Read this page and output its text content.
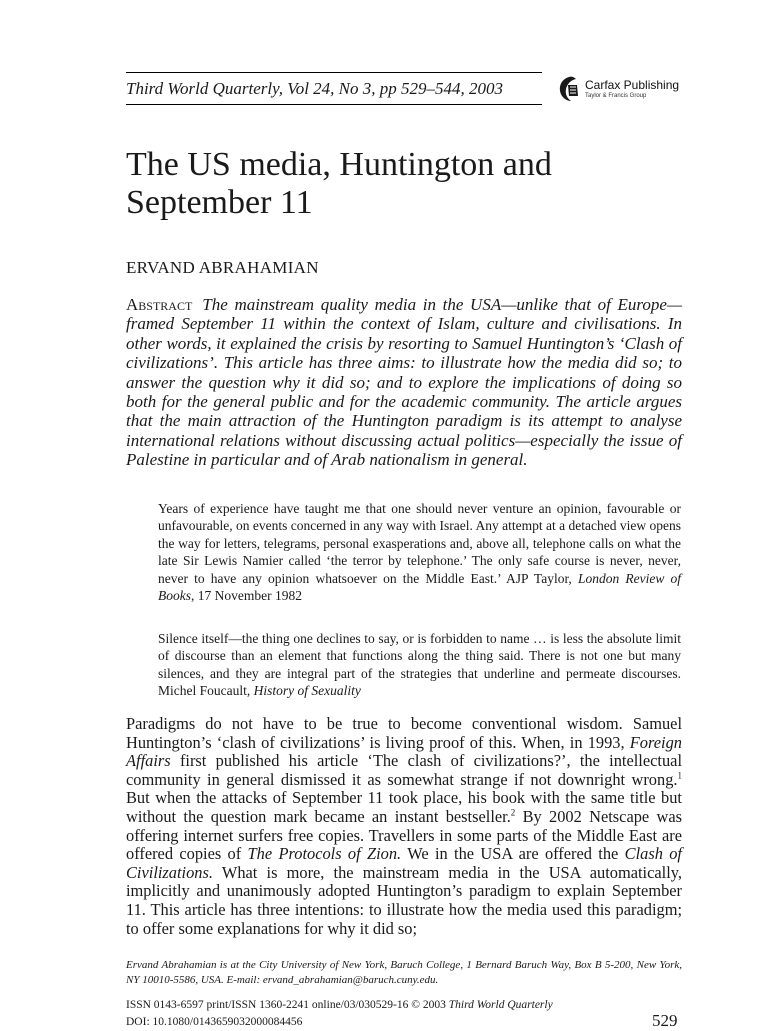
Third World Quarterly, Vol 24, No 3, pp 529–544, 2003	Carfax Publishing
Taylor & Francis Group
The US media, Huntington and September 11
ERVAND ABRAHAMIAN

Abstract The mainstream quality media in the USA—unlike that of Europe—framed September 11 within the context of Islam, culture and civilisations. In other words, it explained the crisis by resorting to Samuel Huntington’s ‘Clash of civilizations’. This article has three aims: to illustrate how the media did so; to answer the question why it did so; and to explore the implications of doing so both for the general public and for the academic community. The article argues that the main attraction of the Huntington paradigm is its attempt to analyse international relations without discussing actual politics—especially the issue of Palestine in particular and of Arab nationalism in general.

Years of experience have taught me that one should never venture an opinion, favourable or unfavourable, on events concerned in any way with Israel. Any attempt at a detached view opens the way for letters, telegrams, personal exasperations and, above all, telephone calls on what the late Sir Lewis Namier called ‘the terror by telephone.’ The only safe course is never, never, never to have any opinion whatsoever on the Middle East.’ AJP Taylor, London Review of Books, 17 November 1982

Silence itself—the thing one declines to say, or is forbidden to name … is less the absolute limit of discourse than an element that functions along the thing said. There is not one but many silences, and they are integral part of the strategies that underline and permeate discourses. Michel Foucault, History of Sexuality

Paradigms do not have to be true to become conventional wisdom. Samuel Huntington’s ‘clash of civilizations’ is living proof of this. When, in 1993, Foreign Affairs first published his article ‘The clash of civilizations?’, the intellectual community in general dismissed it as somewhat strange if not downright wrong.$^1$ But when the attacks of September 11 took place, his book with the same title but without the question mark became an instant bestseller.$^2$ By 2002 Netscape was offering internet surfers free copies. Travellers in some parts of the Middle East are offered copies of The Protocols of Zion. We in the USA are offered the Clash of Civilizations. What is more, the mainstream media in the USA automatically, implicitly and unanimously adopted Huntington’s paradigm to explain September 11. This article has three intentions: to illustrate how the media used this paradigm; to offer some explanations for why it did so;

Ervand Abrahamian is at the City University of New York, Baruch College, 1 Bernard Baruch Way, Box B 5-200, New York, NY 10010-5586, USA. E-mail: ervand_abrahamian@baruch.cuny.edu.

ISSN 0143-6597 print/ISSN 1360-2241 online/03/030529-16 © 2003 Third World Quarterly
DOI: 10.1080/0143659032000084456	529
